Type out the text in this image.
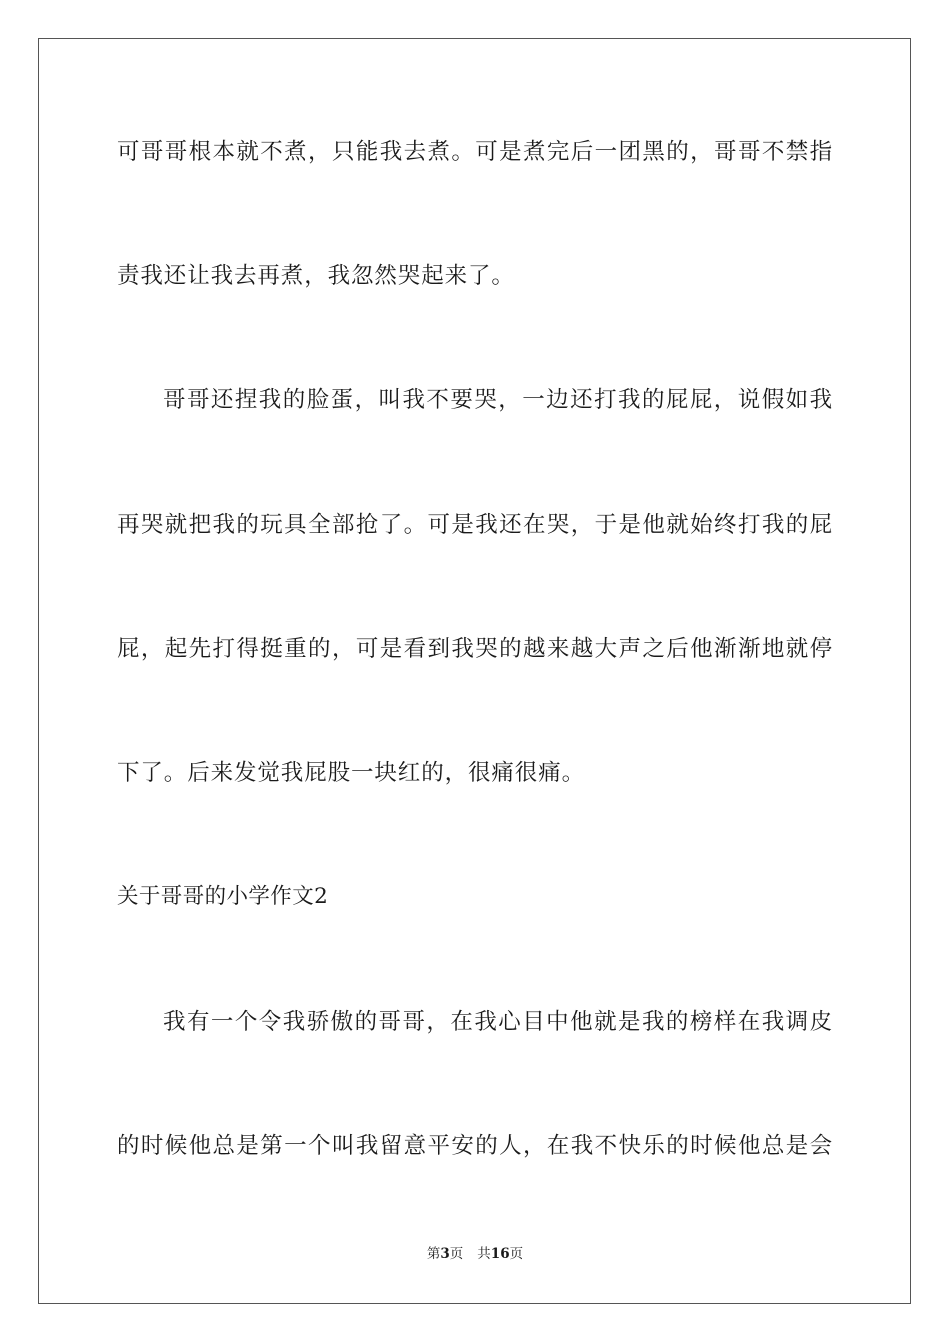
可哥哥根本就不煮，只能我去煮。可是煮完后一团黑的，哥哥不禁指
责我还让我去再煮，我忽然哭起来了。
哥哥还捏我的脸蛋，叫我不要哭，一边还打我的屁屁，说假如我
再哭就把我的玩具全部抢了。可是我还在哭，于是他就始终打我的屁
屁，起先打得挺重的，可是看到我哭的越来越大声之后他渐渐地就停
下了。后来发觉我屁股一块红的，很痛很痛。
关于哥哥的小学作文2
我有一个令我骄傲的哥哥，在我心目中他就是我的榜样在我调皮
的时候他总是第一个叫我留意平安的人，在我不快乐的时候他总是会
第3页 共16页
